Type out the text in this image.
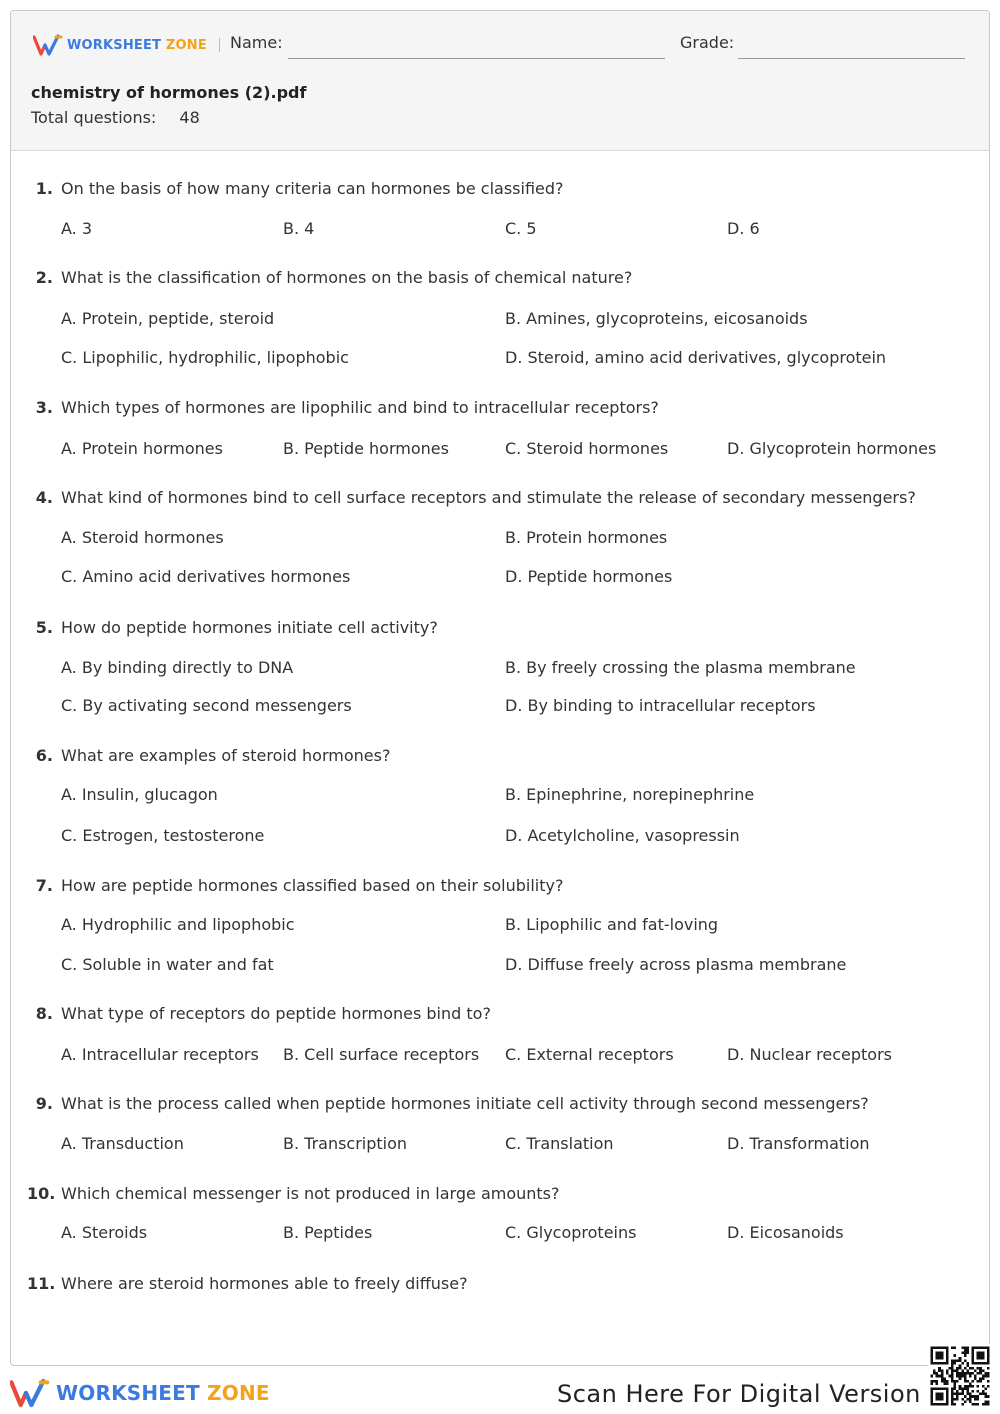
WORKSHEET ZONE Name:	Grade:
chemistry of hormones (2).pdf
Total questions: 48
1. On the basis of how many criteria can hormones be classified?
A. 3	B. 4	C. 5	D. 6
2. What is the classification of hormones on the basis of chemical nature?
A. Protein, peptide, steroid	B. Amines, glycoproteins, eicosanoids
C. Lipophilic, hydrophilic, lipophobic	D. Steroid, amino acid derivatives, glycoprotein
3. Which types of hormones are lipophilic and bind to intracellular receptors?
A. Protein hormones	B. Peptide hormones	C. Steroid hormones	D. Glycoprotein hormones
4. What kind of hormones bind to cell surface receptors and stimulate the release of secondary messengers?
A. Steroid hormones	B. Protein hormones
C. Amino acid derivatives hormones	D. Peptide hormones
5. How do peptide hormones initiate cell activity?
A. By binding directly to DNA	B. By freely crossing the plasma membrane
C. By activating second messengers	D. By binding to intracellular receptors
6. What are examples of steroid hormones?
A. Insulin, glucagon	B. Epinephrine, norepinephrine
C. Estrogen, testosterone	D. Acetylcholine, vasopressin
7. How are peptide hormones classified based on their solubility?
A. Hydrophilic and lipophobic	B. Lipophilic and fat-loving
C. Soluble in water and fat	D. Diffuse freely across plasma membrane
8. What type of receptors do peptide hormones bind to?
A. Intracellular receptors B. Cell surface receptors C. External receptors	D. Nuclear receptors
9. What is the process called when peptide hormones initiate cell activity through second messengers?
A. Transduction	B. Transcription	C. Translation	D. Transformation
10. Which chemical messenger is not produced in large amounts?
A. Steroids	B. Peptides	C. Glycoproteins	D. Eicosanoids
11. Where are steroid hormones able to freely diffuse?
WORKSHEET ZONE	Scan Here For Digital Version
